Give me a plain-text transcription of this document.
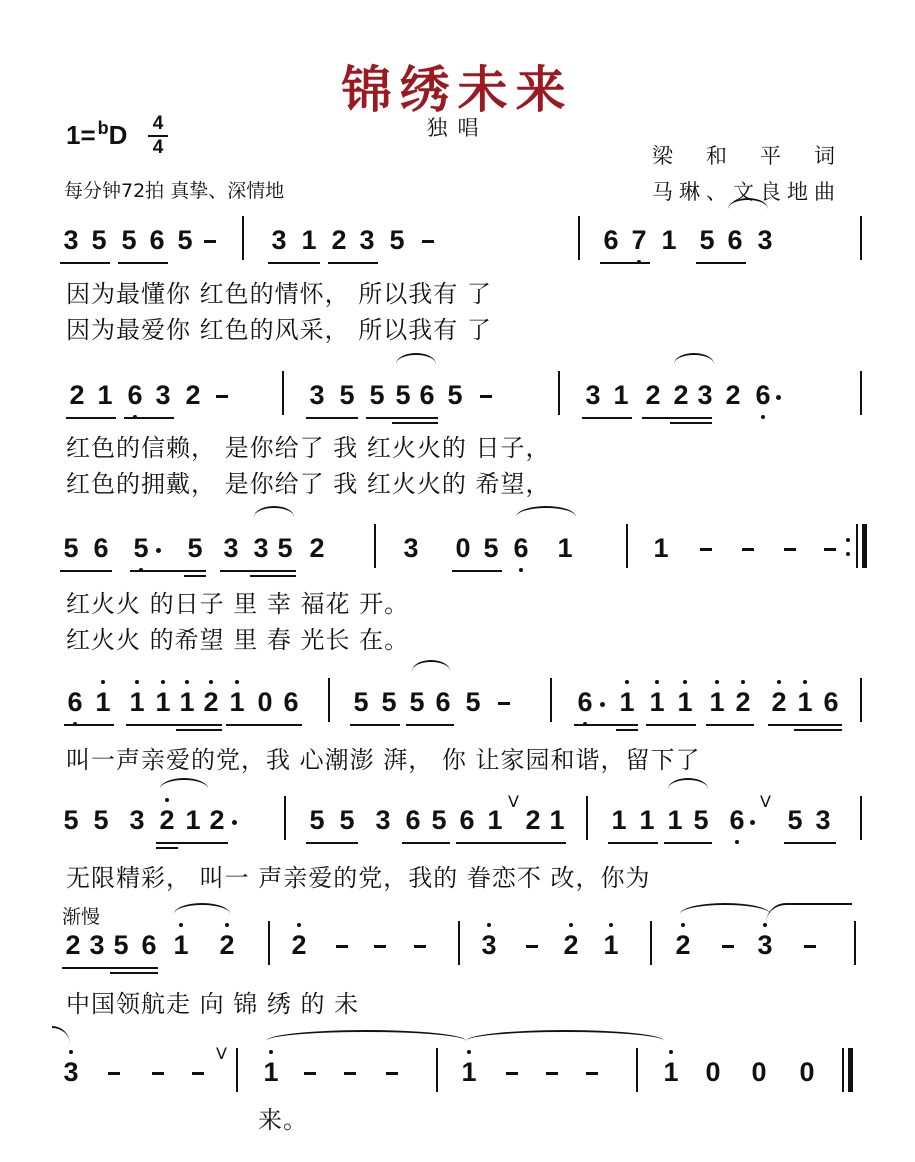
锦绣未来
独唱
1= $^b$D 4
4
每分钟72拍 真挚、深情地
梁和平词
马琳、文良地曲
3 5 5 6 5	3 1 2 3 5	6 7 1 5 6 3
因为最懂你 红色的情怀， 所以我有 了
因为最爱你 红色的风采， 所以我有 了
2 1 6 3 2	3 5 5 5 6 5	3 1 2 2 3 2 6
红色的信赖， 是你给了 我 红火火的 日子，
红色的拥戴， 是你给了 我 红火火的 希望，
5 6 5 5 3 3 5 2	3 0 5 6 1	1
红火火 的日子 里 幸 福花 开。
红火火 的希望 里 春 光长 在。
6 1 1 1 1 2 1 0 6 5 5 5 6 5	6 1 1 1 1 2 2 1 6
叫一声亲爱的党，我 心潮澎 湃， 你 让家园和谐，留下了
5 5 3 2 1 2	5 5 3 6 5 6 1
V
2 1 1 1 1 5 6
V
5 3
无限精彩， 叫一 声亲爱的党，我的 眷恋不 改，你为
渐慢
2 3 5 6 1 2 2	3 2 1 2 3
中国领航走 向 锦 绣 的 未
3
V
1	1	1 0 0 0
来。
